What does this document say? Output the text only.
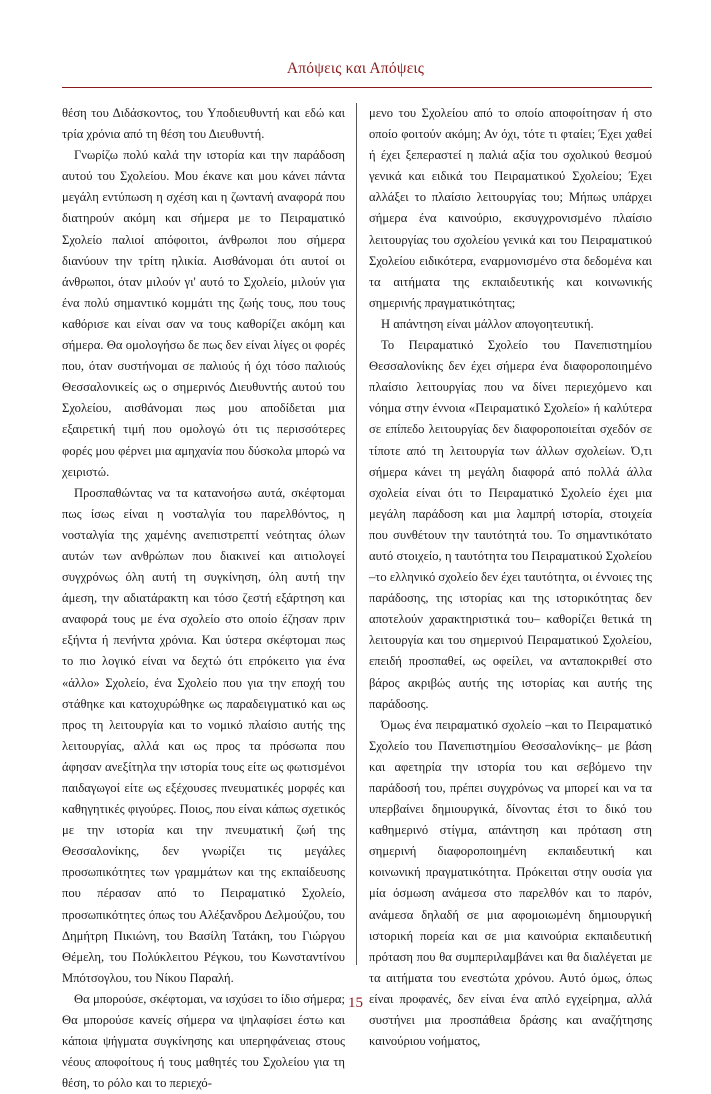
Απόψεις και Απόψεις

θέση του Διδάσκοντος, του Υποδιευθυντή και εδώ και τρία χρόνια από τη θέση του Διευθυντή.

Γνωρίζω πολύ καλά την ιστορία και την παράδοση αυτού του Σχολείου. Μου έκανε και μου κάνει πάντα μεγάλη εντύπωση η σχέση και η ζωντανή αναφορά που διατηρούν ακόμη και σήμερα με το Πειραματικό Σχολείο παλιοί απόφοιτοι, άνθρωποι που σήμερα διανύουν την τρίτη ηλικία. Αισθάνομαι ότι αυτοί οι άνθρωποι, όταν μιλούν γι' αυτό το Σχολείο, μιλούν για ένα πολύ σημαντικό κομμάτι της ζωής τους, που τους καθόρισε και είναι σαν να τους καθορίζει ακόμη και σήμερα. Θα ομολογήσω δε πως δεν είναι λίγες οι φορές που, όταν συστήνομαι σε παλιούς ή όχι τόσο παλιούς Θεσσαλονικείς ως ο σημερινός Διευθυντής αυτού του Σχολείου, αισθάνομαι πως μου αποδίδεται μια εξαιρετική τιμή που ομολογώ ότι τις περισσότερες φορές μου φέρνει μια αμηχανία που δύσκολα μπορώ να χειριστώ.

Προσπαθώντας να τα κατανοήσω αυτά, σκέφτομαι πως ίσως είναι η νοσταλγία του παρελθόντος, η νοσταλγία της χαμένης ανεπιστρεπτί νεότητας όλων αυτών των ανθρώπων που διακινεί και αιτιολογεί συγχρόνως όλη αυτή τη συγκίνηση, όλη αυτή την άμεση, την αδιατάρακτη και τόσο ζεστή εξάρτηση και αναφορά τους με ένα σχολείο στο οποίο έζησαν πριν εξήντα ή πενήντα χρόνια. Και ύστερα σκέφτομαι πως το πιο λογικό είναι να δεχτώ ότι επρόκειτο για ένα «άλλο» Σχολείο, ένα Σχολείο που για την εποχή του στάθηκε και κατοχυρώθηκε ως παραδειγματικό και ως προς τη λειτουργία και το νομικό πλαίσιο αυτής της λειτουργίας, αλλά και ως προς τα πρόσωπα που άφησαν ανεξίτηλα την ιστορία τους είτε ως φωτισμένοι παιδαγωγοί είτε ως εξέχουσες πνευματικές μορφές και καθηγητικές φιγούρες. Ποιος, που είναι κάπως σχετικός με την ιστορία και την πνευματική ζωή της Θεσσαλονίκης, δεν γνωρίζει τις μεγάλες προσωπικότητες των γραμμάτων και της εκπαίδευσης που πέρασαν από το Πειραματικό Σχολείο, προσωπικότητες όπως του Αλέξανδρου Δελμούζου, του Δημήτρη Πικιώνη, του Βασίλη Τατάκη, του Γιώργου Θέμελη, του Πολύκλειτου Ρέγκου, του Κωνσταντίνου Μπότσογλου, του Νίκου Παραλή.

Θα μπορούσε, σκέφτομαι, να ισχύσει το ίδιο σήμερα; Θα μπορούσε κανείς σήμερα να ψηλαφίσει έστω και κάποια ψήγματα συγκίνησης και υπερηφάνειας στους νέους αποφοίτους ή τους μαθητές του Σχολείου για τη θέση, το ρόλο και το περιεχό-

μενο του Σχολείου από το οποίο αποφοίτησαν ή στο οποίο φοιτούν ακόμη; Αν όχι, τότε τι φταίει; Έχει χαθεί ή έχει ξεπεραστεί η παλιά αξία του σχολικού θεσμού γενικά και ειδικά του Πειραματικού Σχολείου; Έχει αλλάξει το πλαίσιο λειτουργίας του; Μήπως υπάρχει σήμερα ένα καινούριο, εκσυγχρονισμένο πλαίσιο λειτουργίας του σχολείου γενικά και του Πειραματικού Σχολείου ειδικότερα, εναρμονισμένο στα δεδομένα και τα αιτήματα της εκπαιδευτικής και κοινωνικής σημερινής πραγματικότητας;

Η απάντηση είναι μάλλον απογοητευτική.

Το Πειραματικό Σχολείο του Πανεπιστημίου Θεσσαλονίκης δεν έχει σήμερα ένα διαφοροποιημένο πλαίσιο λειτουργίας που να δίνει περιεχόμενο και νόημα στην έννοια «Πειραματικό Σχολείο» ή καλύτερα σε επίπεδο λειτουργίας δεν διαφοροποιείται σχεδόν σε τίποτε από τη λειτουργία των άλλων σχολείων. Ό,τι σήμερα κάνει τη μεγάλη διαφορά από πολλά άλλα σχολεία είναι ότι το Πειραματικό Σχολείο έχει μια μεγάλη παράδοση και μια λαμπρή ιστορία, στοιχεία που συνθέτουν την ταυτότητά του. Το σημαντικότατο αυτό στοιχείο, η ταυτότητα του Πειραματικού Σχολείου –το ελληνικό σχολείο δεν έχει ταυτότητα, οι έννοιες της παράδοσης, της ιστορίας και της ιστορικότητας δεν αποτελούν χαρακτηριστικά του– καθορίζει θετικά τη λειτουργία και του σημερινού Πειραματικού Σχολείου, επειδή προσπαθεί, ως οφείλει, να ανταποκριθεί στο βάρος ακριβώς αυτής της ιστορίας και αυτής της παράδοσης.

Όμως ένα πειραματικό σχολείο –και το Πειραματικό Σχολείο του Πανεπιστημίου Θεσσαλονίκης– με βάση και αφετηρία την ιστορία του και σεβόμενο την παράδοσή του, πρέπει συγχρόνως να μπορεί και να τα υπερβαίνει δημιουργικά, δίνοντας έτσι το δικό του καθημερινό στίγμα, απάντηση και πρόταση στη σημερινή διαφοροποιημένη εκπαιδευτική και κοινωνική πραγματικότητα. Πρόκειται στην ουσία για μία όσμωση ανάμεσα στο παρελθόν και το παρόν, ανάμεσα δηλαδή σε μια αφομοιωμένη δημιουργική ιστορική πορεία και σε μια καινούρια εκπαιδευτική πρόταση που θα συμπεριλαμβάνει και θα διαλέγεται με τα αιτήματα του ενεστώτα χρόνου. Αυτό όμως, όπως είναι προφανές, δεν είναι ένα απλό εγχείρημα, αλλά συστήνει μια προσπάθεια δράσης και αναζήτησης καινούριου νοήματος,

15
